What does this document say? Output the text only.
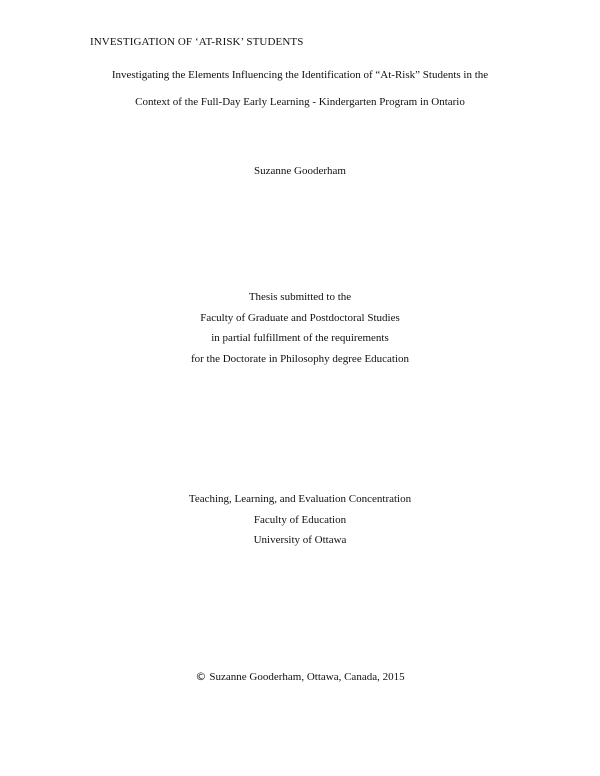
INVESTIGATION OF ‘AT-RISK’ STUDENTS
Investigating the Elements Influencing the Identification of “At-Risk” Students in the
Context of the Full-Day Early Learning - Kindergarten Program in Ontario
Suzanne Gooderham
Thesis submitted to the
Faculty of Graduate and Postdoctoral Studies
in partial fulfillment of the requirements
for the Doctorate in Philosophy degree Education
Teaching, Learning, and Evaluation Concentration
Faculty of Education
University of Ottawa
© Suzanne Gooderham, Ottawa, Canada, 2015
